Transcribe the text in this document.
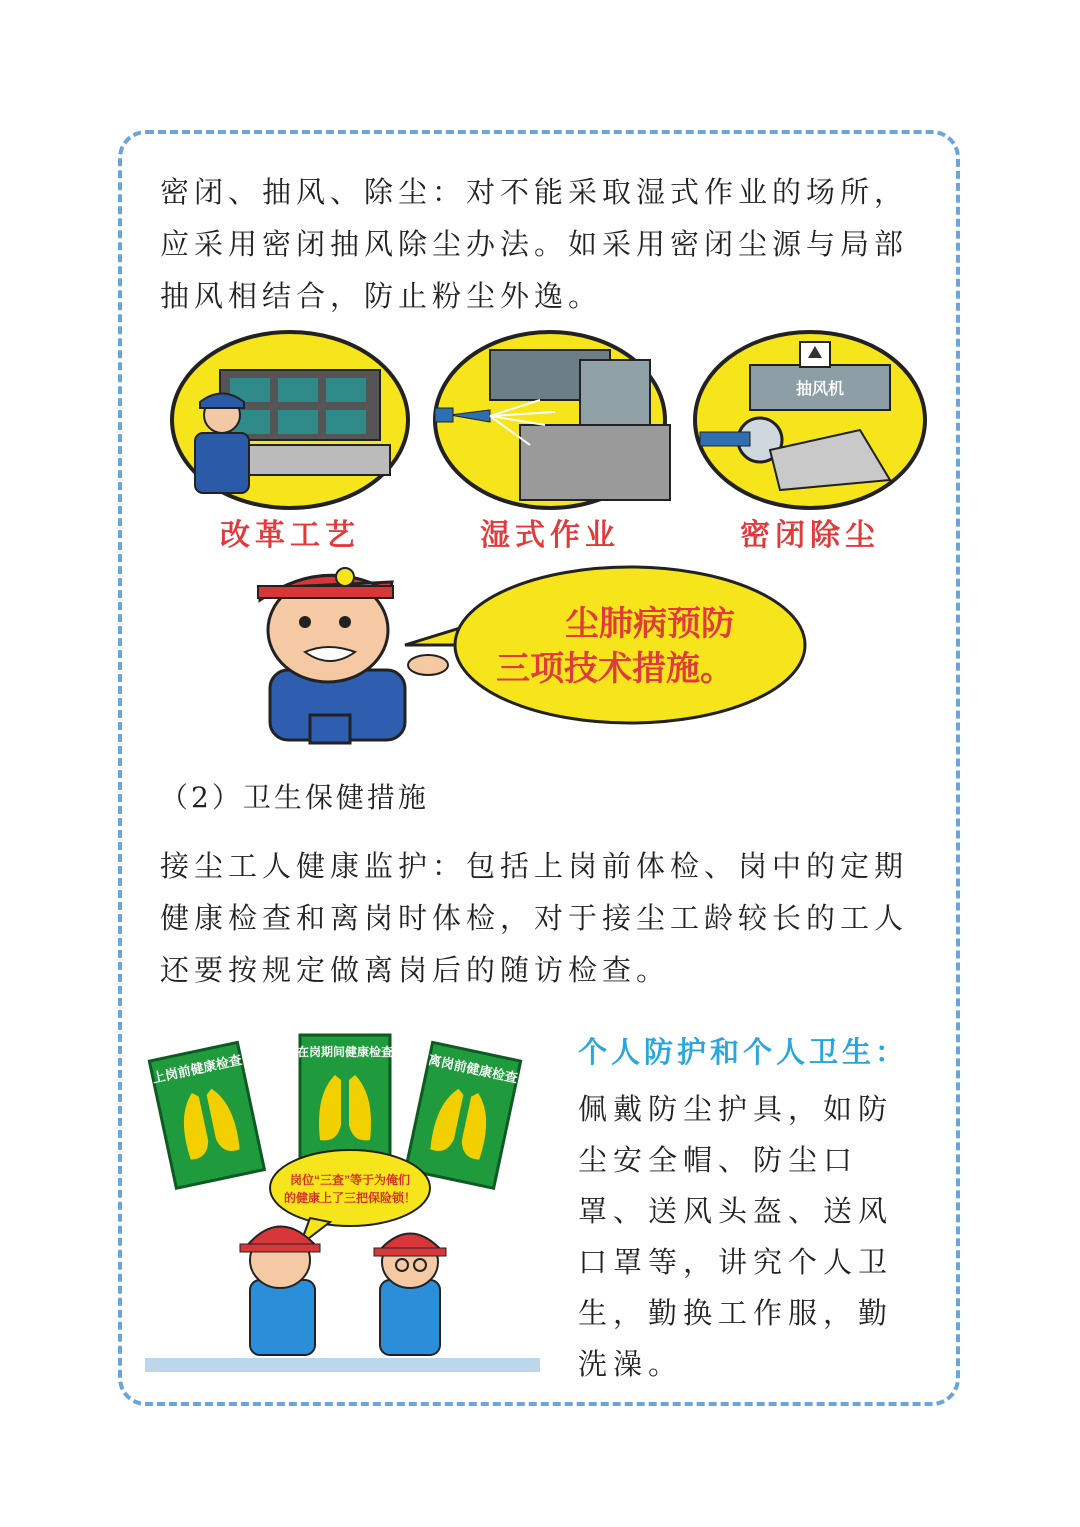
密闭、抽风、除尘：对不能采取湿式作业的场所，应采用密闭抽风除尘办法。如采用密闭尘源与局部抽风相结合，防止粉尘外逸。
抽风机
改革工艺	湿式作业	密闭除尘
尘肺病预防
三项技术措施。
（2）卫生保健措施
接尘工人健康监护：包括上岗前体检、岗中的定期健康检查和离岗时体检，对于接尘工龄较长的工人还要按规定做离岗后的随访检查。
上岗前健康检查
在岗期间健康检查
离岗前健康检查
岗位“三查”等于为俺们
的健康上了三把保险锁！
个人防护和个人卫生：
佩戴防尘护具，如防尘安全帽、防尘口罩、送风头盔、送风口罩等，讲究个人卫生，勤换工作服，勤洗澡。
